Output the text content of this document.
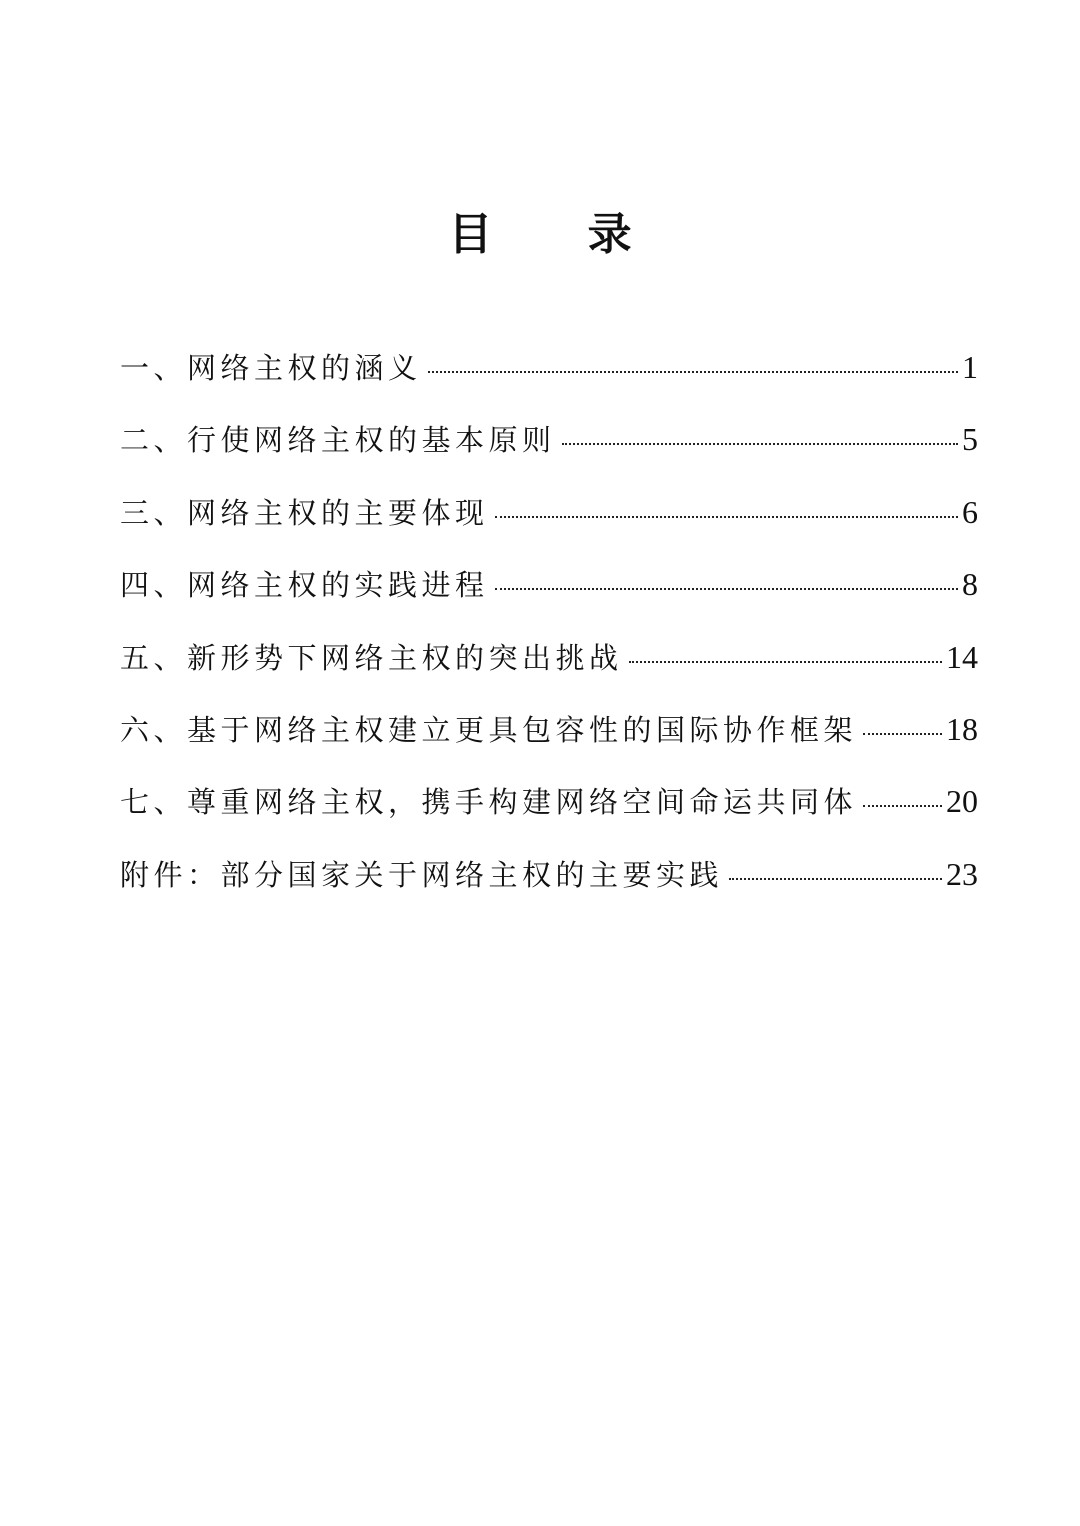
目 录
一、网络主权的涵义	1
二、行使网络主权的基本原则	5
三、网络主权的主要体现	6
四、网络主权的实践进程	8
五、新形势下网络主权的突出挑战	14
六、基于网络主权建立更具包容性的国际协作框架	18
七、尊重网络主权，携手构建网络空间命运共同体	20
附件：部分国家关于网络主权的主要实践	23
